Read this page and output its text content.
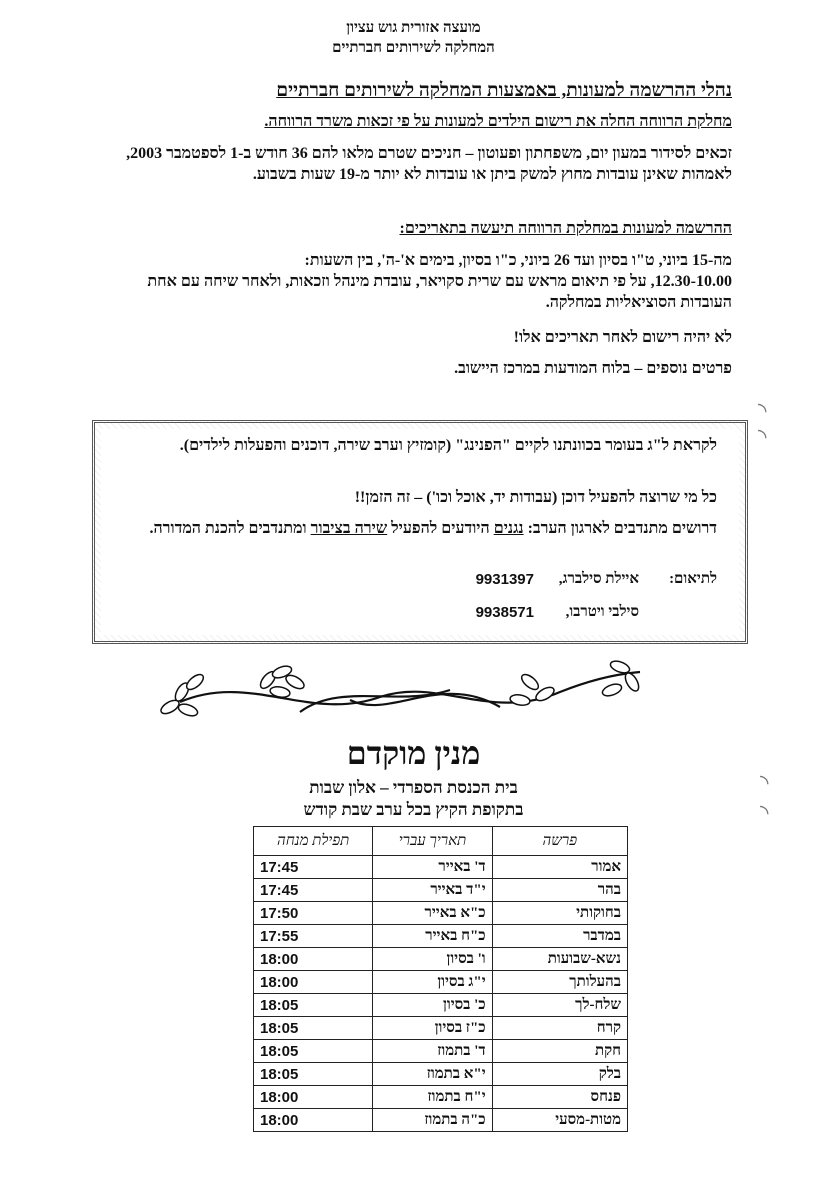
מועצה אזורית גוש עציון
המחלקה לשירותים חברתיים
נהלי ההרשמה למעונות, באמצעות המחלקה לשירותים חברתיים
מחלקת הרווחה החלה את רישום הילדים למעונות על פי זכאות משרד הרווחה.
זכאים לסידור במעון יום, משפחתון ופעוטון – חניכים שטרם מלאו להם 36 חודש ב-1 לספטמבר 2003, לאמהות שאינן עובדות מחוץ למשק ביתן או עובדות לא יותר מ-19 שעות בשבוע.
ההרשמה למעונות במחלקת הרווחה תיעשה בתאריכים:
מה-15 ביוני, ט"ו בסיון ועד 26 ביוני, כ"ו בסיון, בימים א'-ה', בין השעות:
12.30-10.00, על פי תיאום מראש עם שרית סקויאר, עובדת מינהל וזכאות, ולאחר שיחה עם אחת העובדות הסוציאליות במחלקה.
לא יהיה רישום לאחר תאריכים אלו!
פרטים נוספים – בלוח המודעות במרכז היישוב.
לקראת ל"ג בעומר בכוונתנו לקיים "הפנינג" (קומזיץ וערב שירה, דוכנים והפעלות לילדים).
כל מי שרוצה להפעיל דוכן (עבודות יד, אוכל וכו') – זה הזמן!!
דרושים מתנדבים לארגון הערב: נגנים היודעים להפעיל שירה בציבור ומתנדבים להכנת המדורה.
לתיאום:
איילת סילברג,
9931397
סילבי ויטרבו,
9938571
מנין מוקדם
בית הכנסת הספרדי – אלון שבות
בתקופת הקיץ בכל ערב שבת קודש
פרשה	תאריך עברי	תפילת מנחה
אמור	ד' באייר	17:45
בהר	י"ד באייר	17:45
בחוקותי	כ"א באייר	17:50
במדבר	כ"ח באייר	17:55
נשא-שבועות	ו' בסיון	18:00
בהעלותך	י"ג בסיון	18:00
שלח-לך	כ' בסיון	18:05
קרח	כ"ז בסיון	18:05
חקת	ד' בתמוז	18:05
בלק	י"א בתמוז	18:05
פנחס	י"ח בתמוז	18:00
מטות-מסעי	כ"ה בתמוז	18:00
◝
◝
◝
◝
